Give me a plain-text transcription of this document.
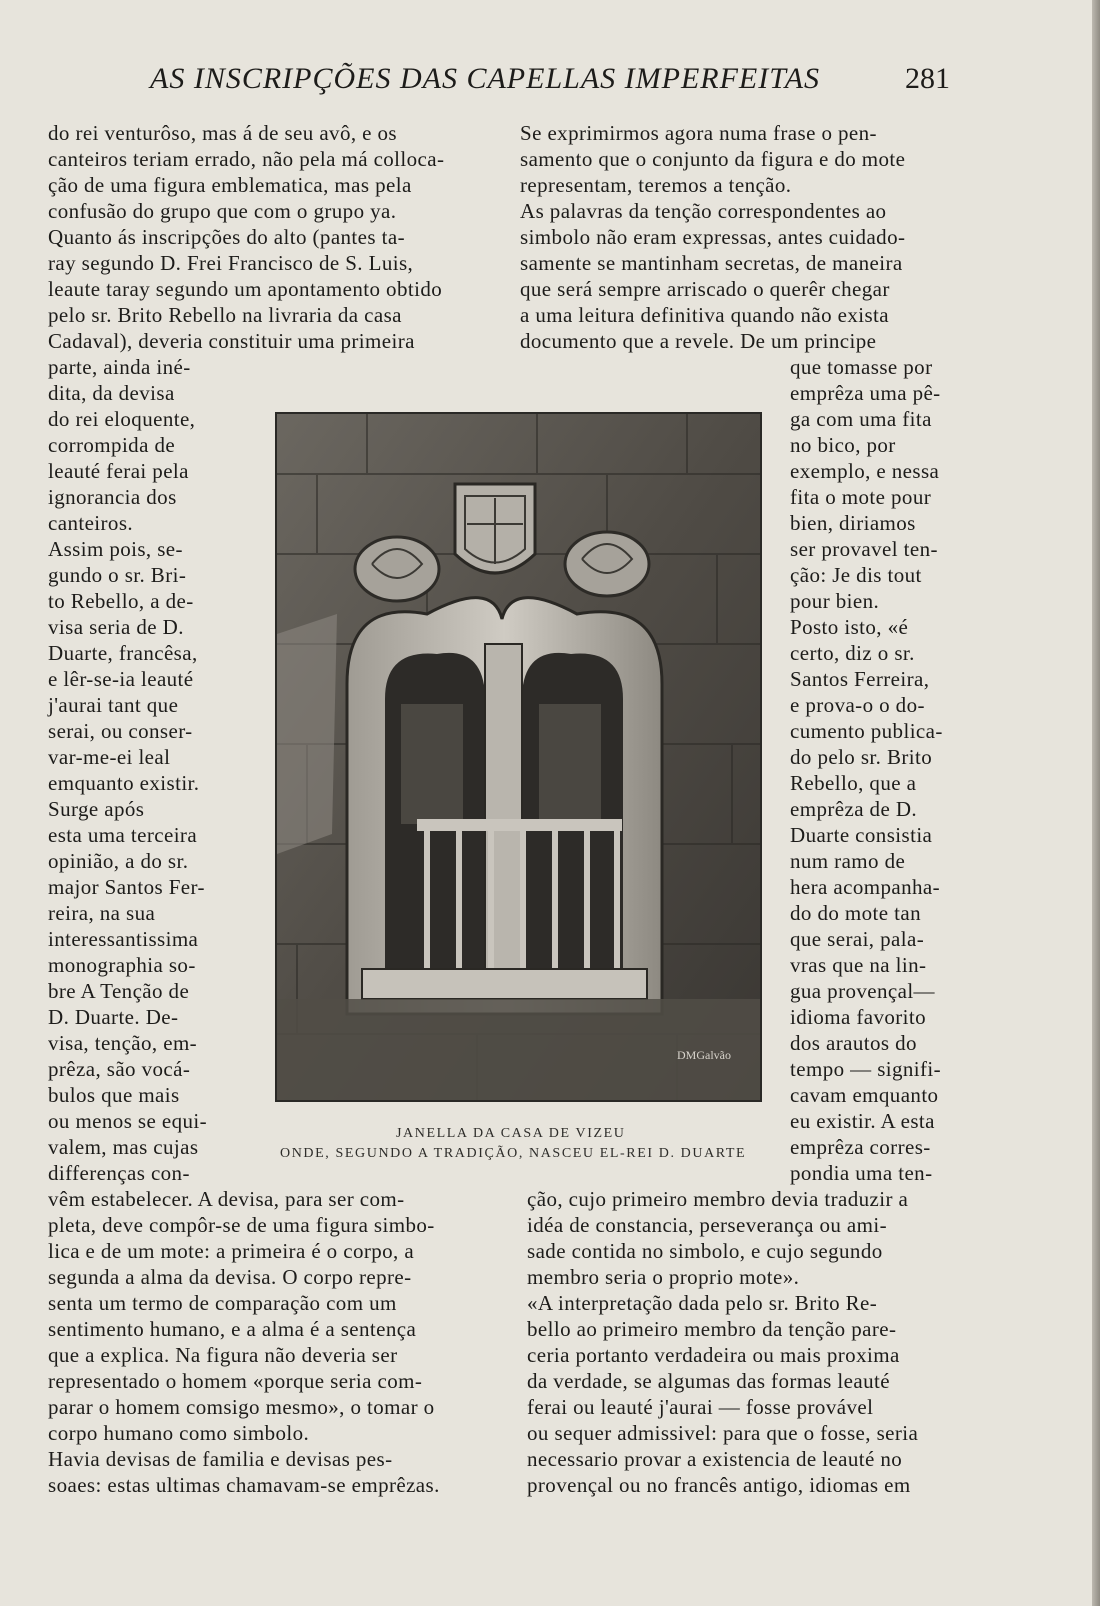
AS INSCRIPÇÕES DAS CAPELLAS IMPERFEITAS	281
do rei venturôso, mas á de seu avô, e os
canteiros teriam errado, não pela má colloca-
ção de uma figura emblematica, mas pela
confusão do grupo que com o grupo ya.
Quanto ás inscripções do alto (pantes ta-
ray segundo D. Frei Francisco de S. Luis,
leaute taray segundo um apontamento obtido
pelo sr. Brito Rebello na livraria da casa
Cadaval), deveria constituir uma primeira
parte, ainda iné-
dita, da devisa
do rei eloquente,
corrompida de
leauté ferai pela
ignorancia dos
canteiros.
Assim pois, se-
gundo o sr. Bri-
to Rebello, a de-
visa seria de D.
Duarte, francêsa,
e lêr-se-ia leauté
j'aurai tant que
serai, ou conser-
var-me-ei leal
emquanto existir.
Surge após
esta uma terceira
opinião, a do sr.
major Santos Fer-
reira, na sua
interessantissima
monographia so-
bre A Tenção de
D. Duarte. De-
visa, tenção, em-
prêza, são vocá-
bulos que mais
ou menos se equi-
valem, mas cujas
differenças con-
vêm estabelecer. A devisa, para ser com-
pleta, deve compôr-se de uma figura simbo-
lica e de um mote: a primeira é o corpo, a
segunda a alma da devisa. O corpo repre-
senta um termo de comparação com um
sentimento humano, e a alma é a sentença
que a explica. Na figura não deveria ser
representado o homem «porque seria com-
parar o homem comsigo mesmo», o tomar o
corpo humano como simbolo.
Havia devisas de familia e devisas pes-
soaes: estas ultimas chamavam-se emprêzas.
Se exprimirmos agora numa frase o pen-
samento que o conjunto da figura e do mote
representam, teremos a tenção.
As palavras da tenção correspondentes ao
simbolo não eram expressas, antes cuidado-
samente se mantinham secretas, de maneira
que será sempre arriscado o querêr chegar
a uma leitura definitiva quando não exista
documento que a revele. De um principe
que tomasse por
emprêza uma pê-
ga com uma fita
no bico, por
exemplo, e nessa
fita o mote pour
bien, diriamos
ser provavel ten-
ção: Je dis tout
pour bien.
Posto isto, «é
certo, diz o sr.
Santos Ferreira,
e prova-o o do-
cumento publica-
do pelo sr. Brito
Rebello, que a
emprêza de D.
Duarte consistia
num ramo de
hera acompanha-
do do mote tan
que serai, pala-
vras que na lin-
gua provençal—
idioma favorito
dos arautos do
tempo — signifi-
cavam emquanto
eu existir. A esta
emprêza corres-
pondia uma ten-
ção, cujo primeiro membro devia traduzir a
idéa de constancia, perseverança ou ami-
sade contida no simbolo, e cujo segundo
membro seria o proprio mote».
«A interpretação dada pelo sr. Brito Re-
bello ao primeiro membro da tenção pare-
ceria portanto verdadeira ou mais proxima
da verdade, se algumas das formas leauté
ferai ou leauté j'aurai — fosse provável
ou sequer admissivel: para que o fosse, seria
necessario provar a existencia de leauté no
provençal ou no francês antigo, idiomas em
DMGalvão
JANELLA DA CASA DE VIZEU
ONDE, SEGUNDO A TRADIÇÃO, NASCEU EL-REI D. DUARTE
